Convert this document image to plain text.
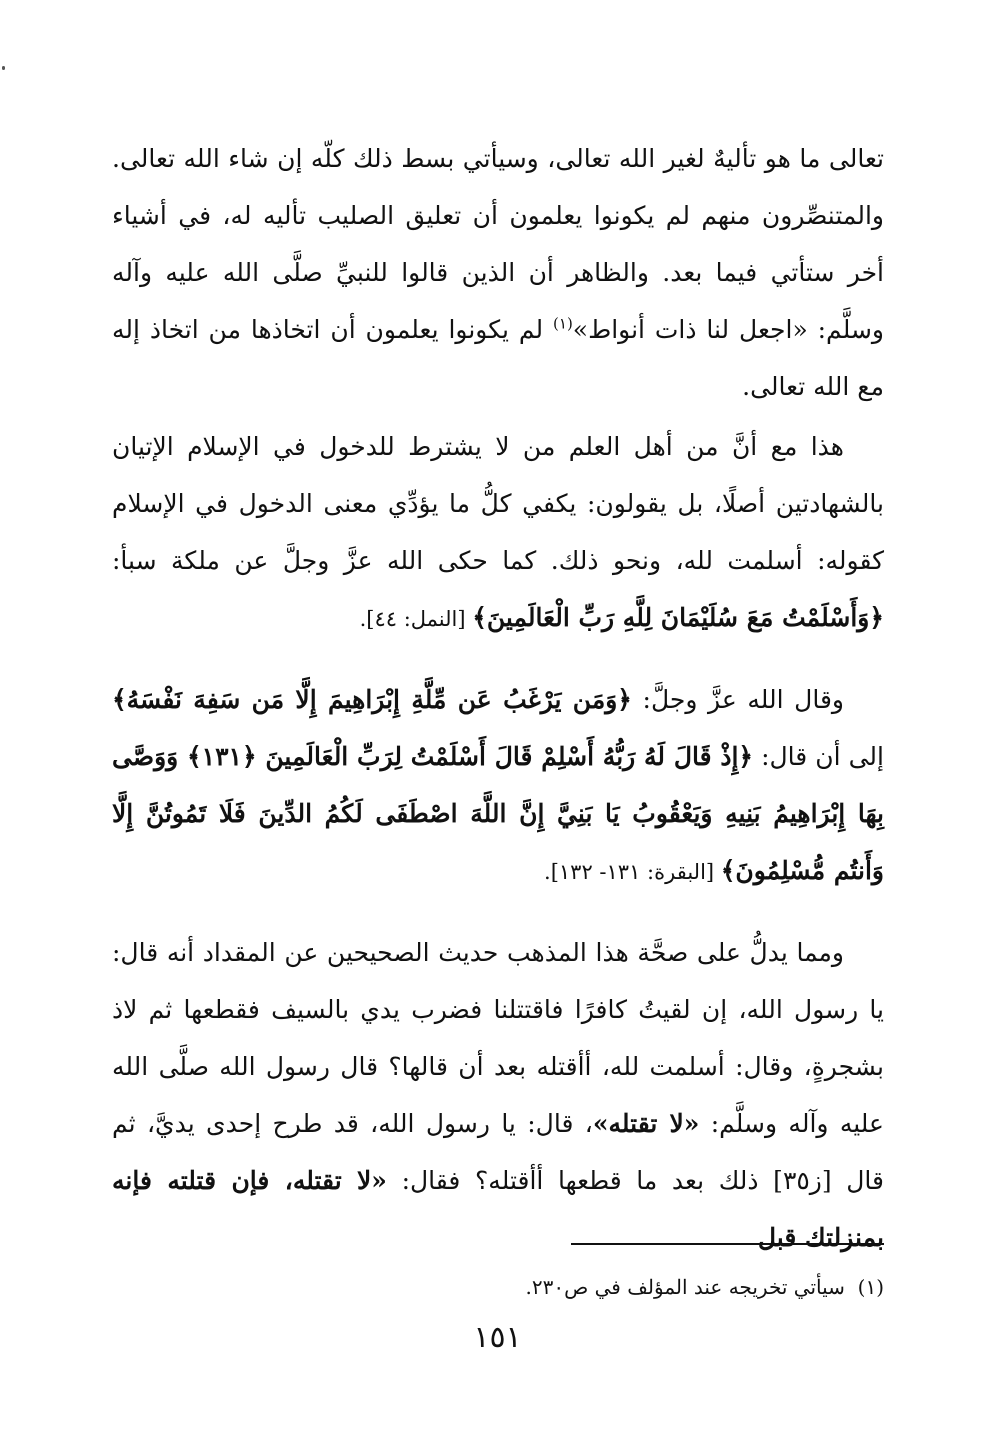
تعالى ما هو تأليهٌ لغير الله تعالى، وسيأتي بسط ذلك كلّه إن شاء الله تعالى. والمتنصِّرون منهم لم يكونوا يعلمون أن تعليق الصليب تأليه له، في أشياء أخر ستأتي فيما بعد. والظاهر أن الذين قالوا للنبيِّ صلَّى الله عليه وآله وسلَّم: «اجعل لنا ذات أنواط»$^{(١)}$ لم يكونوا يعلمون أن اتخاذها من اتخاذ إله مع الله تعالى.

هذا مع أنَّ من أهل العلم من لا يشترط للدخول في الإسلام الإتيان بالشهادتين أصلًا، بل يقولون: يكفي كلُّ ما يؤدِّي معنى الدخول في الإسلام كقوله: أسلمت لله، ونحو ذلك. كما حكى الله عزَّ وجلَّ عن ملكة سبأ: ﴿وَأَسْلَمْتُ مَعَ سُلَيْمَانَ لِلَّهِ رَبِّ الْعَالَمِينَ﴾ [النمل: ٤٤].

وقال الله عزَّ وجلَّ: ﴿وَمَن يَرْغَبُ عَن مِّلَّةِ إِبْرَاهِيمَ إِلَّا مَن سَفِهَ نَفْسَهُ﴾ إلى أن قال: ﴿إِذْ قَالَ لَهُ رَبُّهُ أَسْلِمْ قَالَ أَسْلَمْتُ لِرَبِّ الْعَالَمِينَ ﴿١٣١﴾ وَوَصَّى بِهَا إِبْرَاهِيمُ بَنِيهِ وَيَعْقُوبُ يَا بَنِيَّ إِنَّ اللَّهَ اصْطَفَى لَكُمُ الدِّينَ فَلَا تَمُوتُنَّ إِلَّا وَأَنتُم مُّسْلِمُونَ﴾ [البقرة: ١٣١- ١٣٢].

ومما يدلُّ على صحَّة هذا المذهب حديث الصحيحين عن المقداد أنه قال: يا رسول الله، إن لقيتُ كافرًا فاقتتلنا فضرب يدي بالسيف فقطعها ثم لاذ بشجرةٍ، وقال: أسلمت لله، أأقتله بعد أن قالها؟ قال رسول الله صلَّى الله عليه وآله وسلَّم: «لا تقتله»، قال: يا رسول الله، قد طرح إحدى يديَّ، ثم قال [ز٣٥] ذلك بعد ما قطعها أأقتله؟ فقال: «لا تقتله، فإن قتلته فإنه بمنزلتك قبل

(١)  سيأتي تخريجه عند المؤلف في ص٢٣٠.
١٥١
